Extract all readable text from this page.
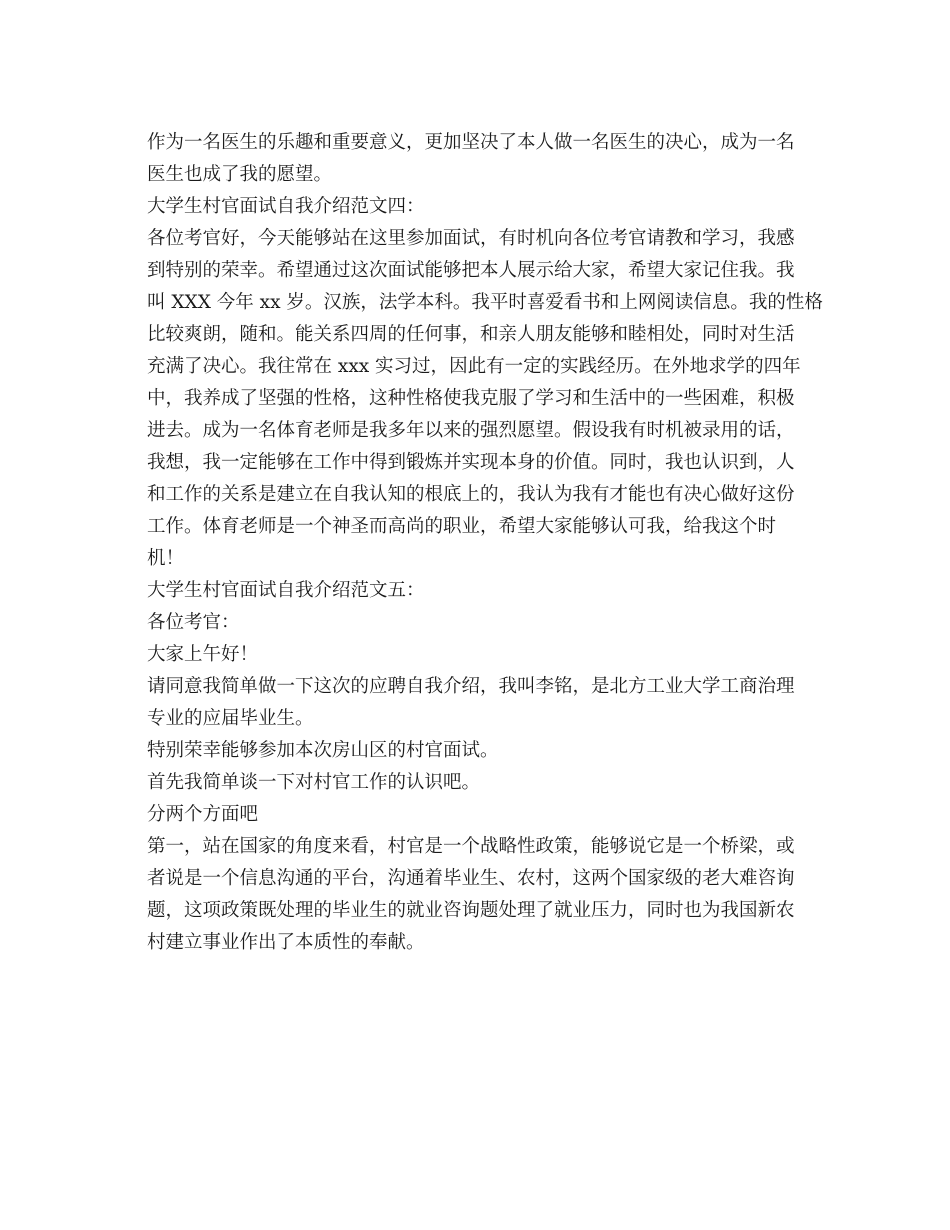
作为一名医生的乐趣和重要意义，更加坚决了本人做一名医生的决心，成为一名
医生也成了我的愿望。
大学生村官面试自我介绍范文四：
各位考官好，今天能够站在这里参加面试，有时机向各位考官请教和学习，我感
到特别的荣幸。希望通过这次面试能够把本人展示给大家，希望大家记住我。我
叫 XXX 今年 xx 岁。汉族，法学本科。我平时喜爱看书和上网阅读信息。我的性格
比较爽朗，随和。能关系四周的任何事，和亲人朋友能够和睦相处，同时对生活
充满了决心。我往常在 xxx 实习过，因此有一定的实践经历。在外地求学的四年
中，我养成了坚强的性格，这种性格使我克服了学习和生活中的一些困难，积极
进去。成为一名体育老师是我多年以来的强烈愿望。假设我有时机被录用的话，
我想，我一定能够在工作中得到锻炼并实现本身的价值。同时，我也认识到，人
和工作的关系是建立在自我认知的根底上的，我认为我有才能也有决心做好这份
工作。体育老师是一个神圣而高尚的职业，希望大家能够认可我，给我这个时
机！
大学生村官面试自我介绍范文五：
各位考官：
大家上午好！
请同意我简单做一下这次的应聘自我介绍，我叫李铭，是北方工业大学工商治理
专业的应届毕业生。
特别荣幸能够参加本次房山区的村官面试。
首先我简单谈一下对村官工作的认识吧。
分两个方面吧
第一，站在国家的角度来看，村官是一个战略性政策，能够说它是一个桥梁，或
者说是一个信息沟通的平台，沟通着毕业生、农村，这两个国家级的老大难咨询
题，这项政策既处理的毕业生的就业咨询题处理了就业压力，同时也为我国新农
村建立事业作出了本质性的奉献。
